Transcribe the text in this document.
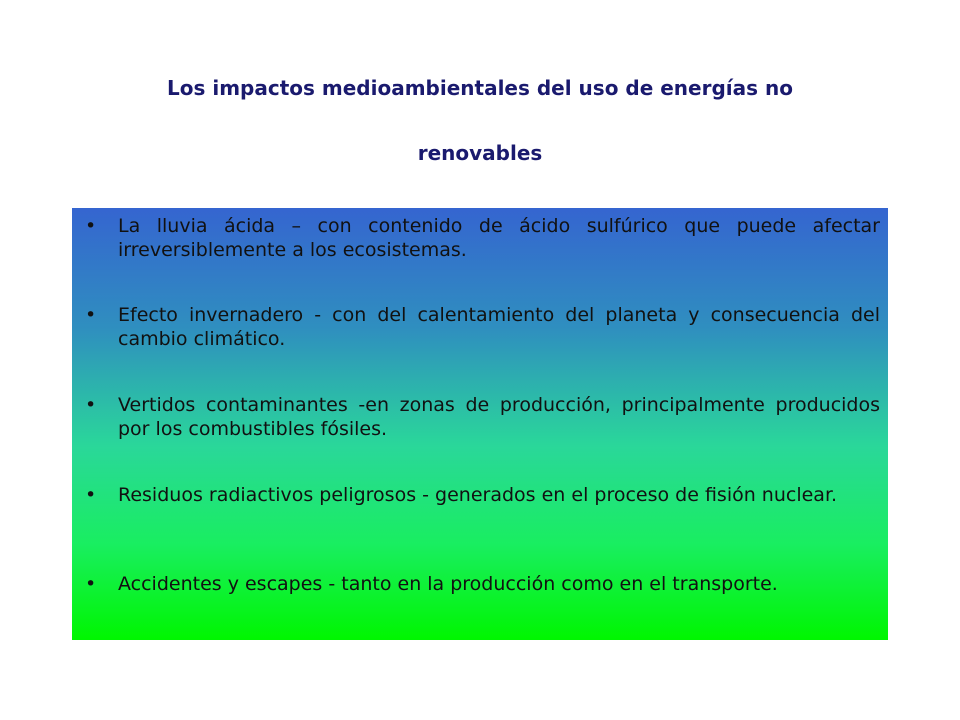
Los impactos medioambientales del uso de energías no
renovables
• La lluvia ácida – con contenido de ácido sulfúrico que puede afectar irreversiblemente a los ecosistemas.

• Efecto invernadero - con del calentamiento del planeta y consecuencia del cambio climático.

• Vertidos contaminantes -en zonas de producción, principalmente producidos por los combustibles fósiles.

• Residuos radiactivos peligrosos - generados en el proceso de fisión nuclear.

• Accidentes y escapes - tanto en la producción como en el transporte.
